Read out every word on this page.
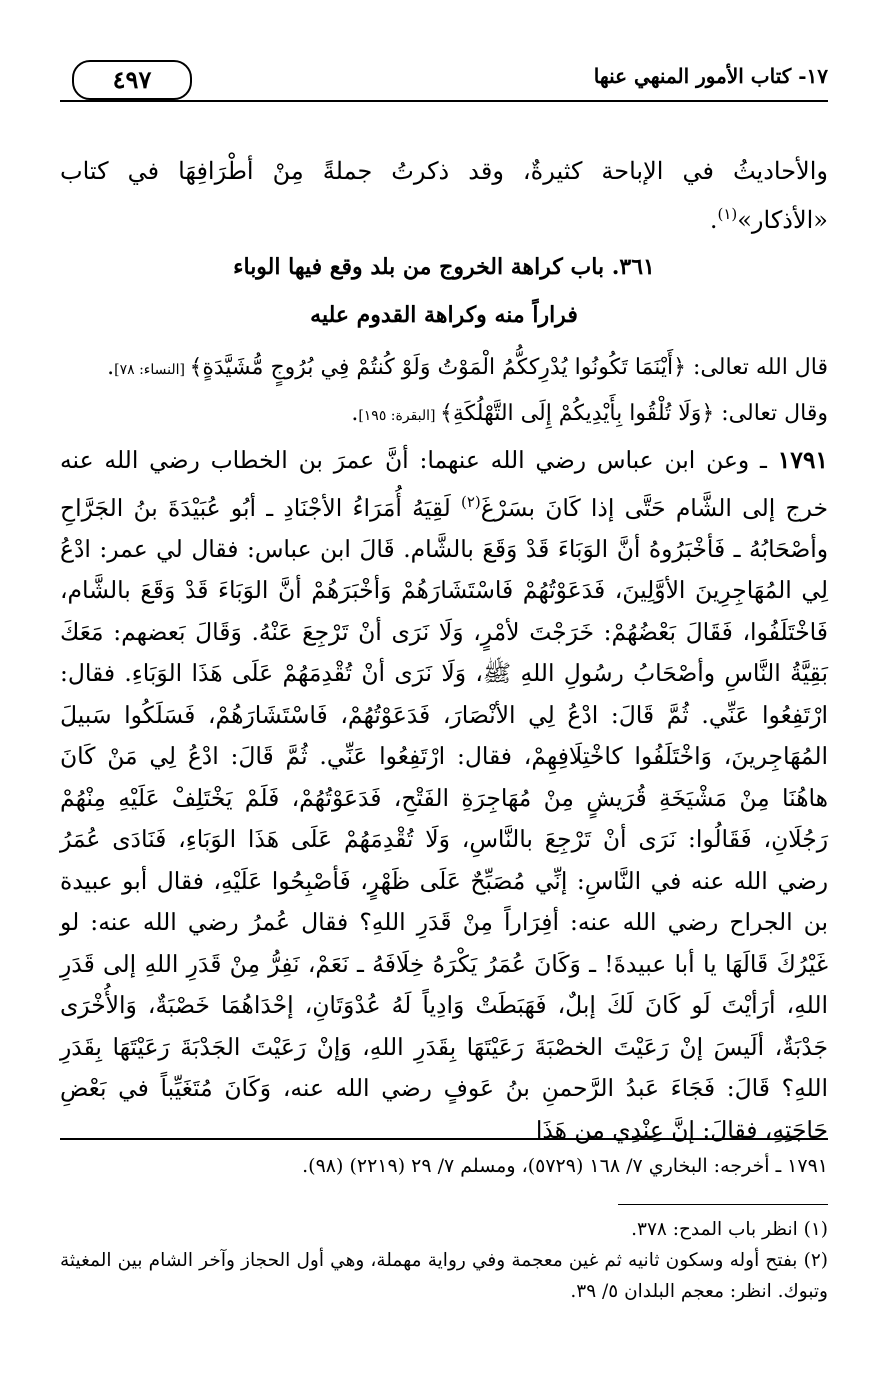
٤٩٧	١٧- كتاب الأمور المنهي عنها
والأحاديثُ في الإباحة كثيرةٌ، وقد ذكرتُ جملةً مِنْ أطْرَافِهَا في كتاب «الأذكار»$^{(١)}$.
٣٦١. باب كراهة الخروج من بلد وقع فيها الوباء
فراراً منه وكراهة القدوم عليه
قال الله تعالى: ﴿أَيْنَمَا تَكُونُوا يُدْرِككُّمُ الْمَوْتُ وَلَوْ كُنتُمْ فِي بُرُوجٍ مُّشَيَّدَةٍ﴾ [النساء: ٧٨].
وقال تعالى: ﴿وَلَا تُلْقُوا بِأَيْدِيكُمْ إِلَى التَّهْلُكَةِ﴾ [البقرة: ١٩٥].
١٧٩١ ـ وعن ابن عباس رضي الله عنهما: أنَّ عمرَ بن الخطاب رضي الله عنه خرج إلى الشَّام حَتَّى إذا كَانَ بسَرْغَ$^{(٢)}$ لَقِيَهُ أُمَرَاءُ الأجْنَادِ ـ أبُو عُبَيْدَةَ بنُ الجَرَّاحِ وأصْحَابُهُ ـ فَأخْبَرُوهُ أنَّ الوَبَاءَ قَدْ وَقَعَ بالشَّام. قَالَ ابن عباس: فقال لي عمر: ادْعُ لِي المُهَاجِرِينَ الأوَّلِينَ، فَدَعَوْتُهُمْ فَاسْتَشَارَهُمْ وَأخْبَرَهُمْ أنَّ الوَبَاءَ قَدْ وَقَعَ بالشَّام، فَاخْتَلَفُوا، فَقَالَ بَعْضُهُمْ: خَرَجْتَ لأمْرٍ، وَلَا نَرَى أنْ تَرْجِعَ عَنْهُ. وَقَالَ بَعضهم: مَعَكَ بَقِيَّةُ النَّاسِ وأصْحَابُ رسُولِ اللهِ ﷺ، وَلَا نَرَى أنْ تُقْدِمَهُمْ عَلَى هَذَا الوَبَاءِ. فقال: ارْتَفِعُوا عَنِّي. ثُمَّ قَالَ: ادْعُ لِي الأنْصَارَ، فَدَعَوْتُهُمْ، فَاسْتَشَارَهُمْ، فَسَلَكُوا سَبيلَ المُهَاجِرينَ، وَاخْتَلَفُوا كاخْتِلَافِهِمْ، فقال: ارْتَفِعُوا عَنِّي. ثُمَّ قَالَ: ادْعُ لِي مَنْ كَانَ هاهُنَا مِنْ مَشْيَخَةِ قُرَيشٍ مِنْ مُهَاجِرَةِ الفَتْحِ، فَدَعَوْتُهُمْ، فَلَمْ يَخْتَلِفْ عَلَيْهِ مِنْهُمْ رَجُلَانِ، فَقَالُوا: نَرَى أنْ تَرْجِعَ بالنَّاسِ، وَلَا تُقْدِمَهُمْ عَلَى هَذَا الوَبَاءِ، فَنَادَى عُمَرُ رضي الله عنه في النَّاسِ: إنِّي مُصَبِّحٌ عَلَى ظَهْرٍ، فَأصْبِحُوا عَلَيْهِ، فقال أبو عبيدة بن الجراح رضي الله عنه: أفِرَاراً مِنْ قَدَرِ اللهِ؟ فقال عُمرُ رضي الله عنه: لو غَيْرُكَ قَالَهَا يا أبا عبيدةَ! ـ وَكَانَ عُمَرُ يَكْرَهُ خِلَافَهُ ـ نَعَمْ، نَفِرُّ مِنْ قَدَرِ اللهِ إلى قَدَرِ اللهِ، أرَأيْتَ لَو كَانَ لَكَ إبلٌ، فَهَبَطَتْ وَادِياً لَهُ عُدْوَتَانِ، إحْدَاهُمَا خَصْبَةٌ، وَالأُخْرَى جَدْبَةٌ، ألَيسَ إنْ رَعَيْتَ الخصْبَةَ رَعَيْتَهَا بِقَدَرِ اللهِ، وَإنْ رَعَيْتَ الجَدْبَةَ رَعَيْتَهَا بِقَدَرِ اللهِ؟ قَالَ: فَجَاءَ عَبدُ الرَّحمنِ بنُ عَوفٍ رضي الله عنه، وَكَانَ مُتَغَيِّباً في بَعْضِ حَاجَتِهِ، فقالَ: إنَّ عِنْدِي من هَذَا
١٧٩١ ـ أخرجه: البخاري ٧/ ١٦٨ (٥٧٢٩)، ومسلم ٧/ ٢٩ (٢٢١٩) (٩٨).
(١) انظر باب المدح: ٣٧٨.
(٢) بفتح أوله وسكون ثانيه ثم غين معجمة وفي رواية مهملة، وهي أول الحجاز وآخر الشام بين المغيثة وتبوك. انظر: معجم البلدان ٥/ ٣٩.
